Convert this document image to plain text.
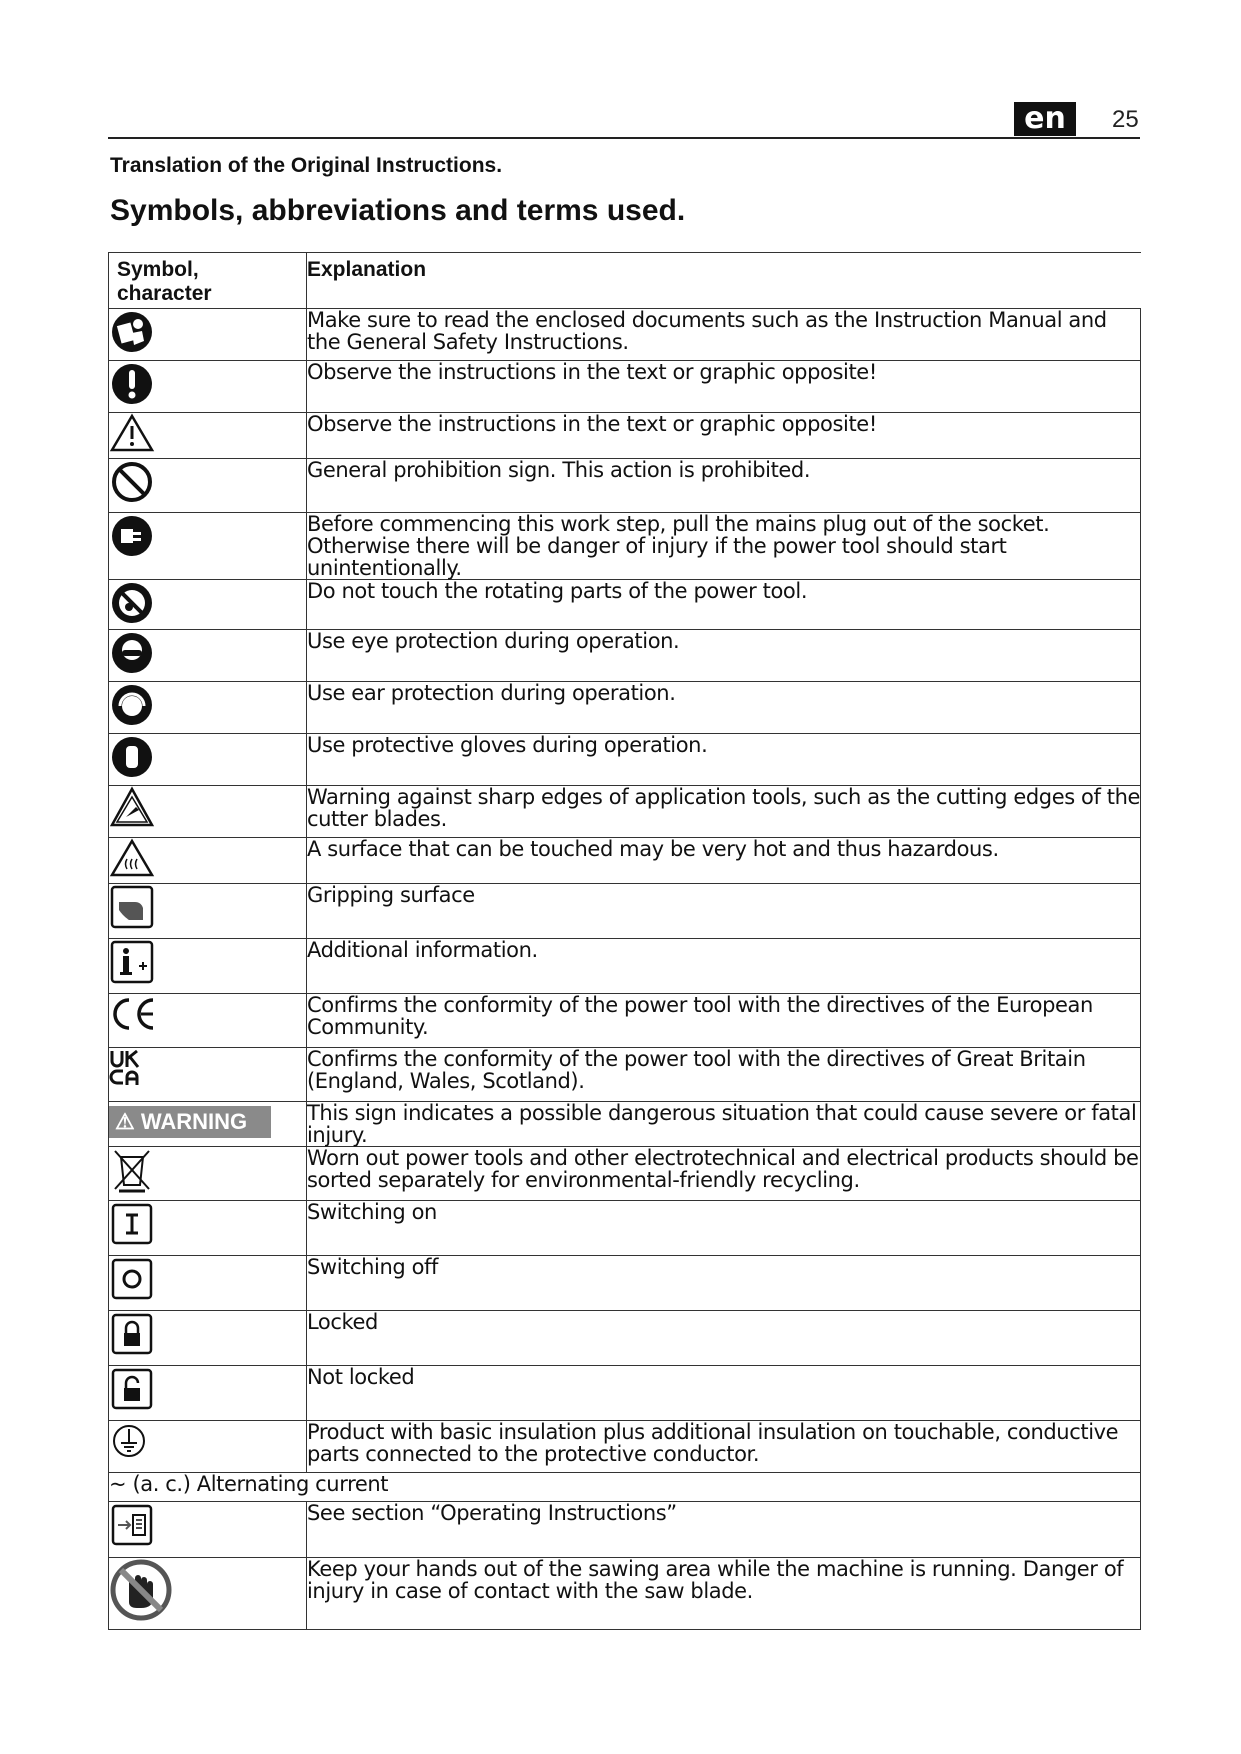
en	25
Translation of the Original Instructions.
Symbols, abbreviations and terms used.
Symbol, character	Explanation

	Make sure to read the enclosed documents such as the Instruction Manual and the General Safety Instructions.

	Observe the instructions in the text or graphic opposite!

	Observe the instructions in the text or graphic opposite!

	General prohibition sign. This action is prohibited.

	Before commencing this work step, pull the mains plug out of the socket. Otherwise there will be danger of injury if the power tool should start unintentionally.

	Do not touch the rotating parts of the power tool.

	Use eye protection during operation.

	Use ear protection during operation.

	Use protective gloves during operation.

	Warning against sharp edges of application tools, such as the cutting edges of the cutter blades.

	A surface that can be touched may be very hot and thus hazardous.

	Gripping surface

	Additional information.

	Confirms the conformity of the power tool with the directives of the European Community.

	Confirms the conformity of the power tool with the directives of Great Britain (England, Wales, Scotland).
⚠ WARNING	This sign indicates a possible dangerous situation that could cause severe or fatal injury.

	Worn out power tools and other electrotechnical and electrical products should be sorted separately for environmental-friendly recycling.

	Switching on

	Switching off

	Locked

	Not locked

	Product with basic insulation plus additional insulation on touchable, conductive parts connected to the protective conductor.
~ (a. c.) Alternating current	

	See section “Operating Instructions”

	Keep your hands out of the sawing area while the machine is running. Danger of injury in case of contact with the saw blade.
